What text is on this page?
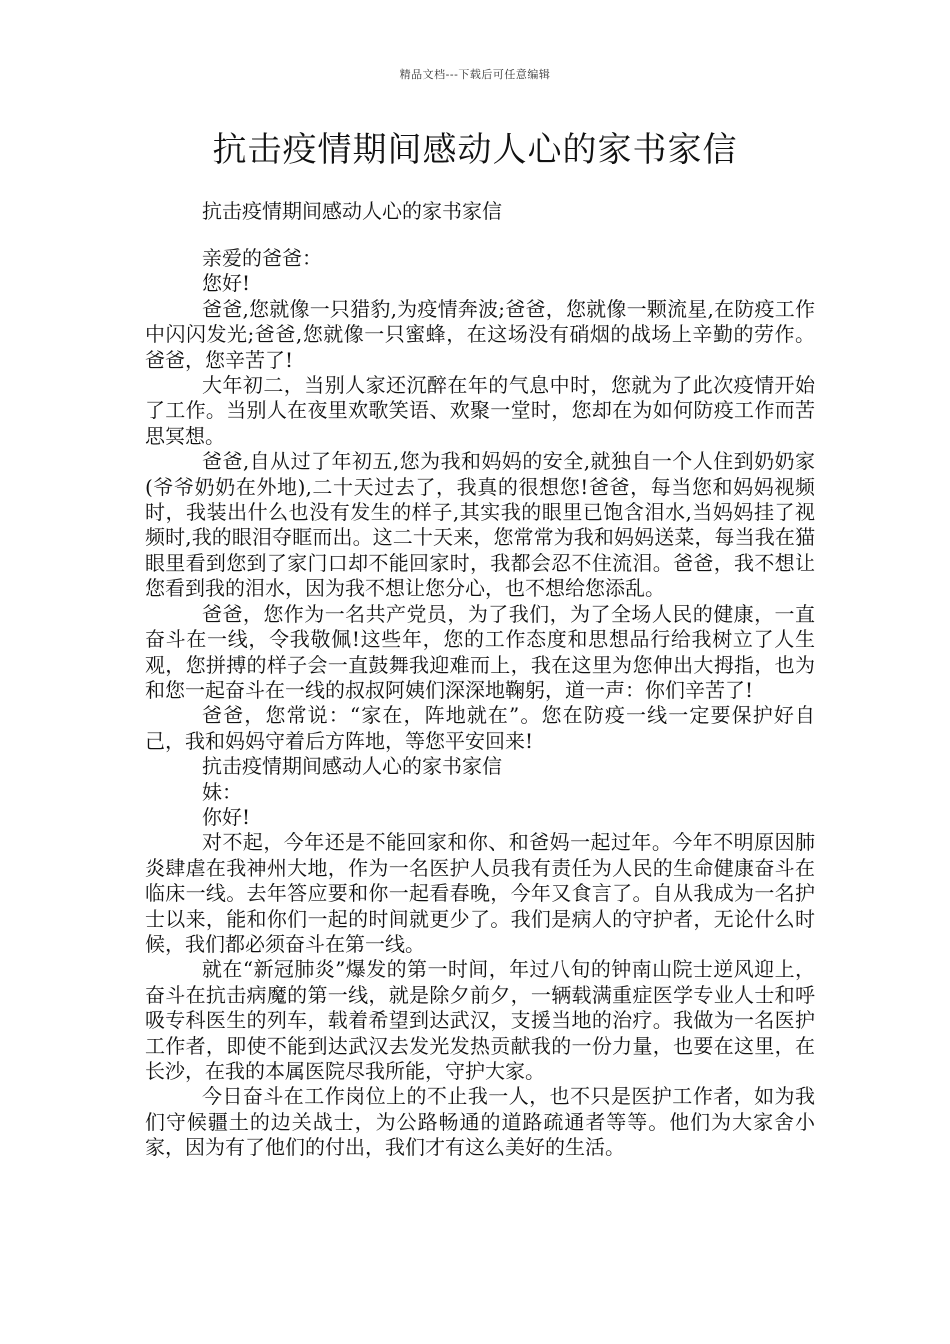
精品文档---下载后可任意编辑
抗击疫情期间感动人心的家书家信

抗击疫情期间感动人心的家书家信

亲爱的爸爸：

您好!

爸爸,您就像一只猎豹,为疫情奔波;爸爸，您就像一颗流星,在防疫工作中闪闪发光;爸爸,您就像一只蜜蜂，在这场没有硝烟的战场上辛勤的劳作。爸爸，您辛苦了!

大年初二，当别人家还沉醉在年的气息中时，您就为了此次疫情开始了工作。当别人在夜里欢歌笑语、欢聚一堂时，您却在为如何防疫工作而苦思冥想。

爸爸,自从过了年初五,您为我和妈妈的安全,就独自一个人住到奶奶家(爷爷奶奶在外地),二十天过去了，我真的很想您!爸爸，每当您和妈妈视频时，我装出什么也没有发生的样子,其实我的眼里已饱含泪水,当妈妈挂了视频时,我的眼泪夺眶而出。这二十天来，您常常为我和妈妈送菜，每当我在猫眼里看到您到了家门口却不能回家时，我都会忍不住流泪。爸爸，我不想让您看到我的泪水，因为我不想让您分心，也不想给您添乱。

爸爸，您作为一名共产党员，为了我们，为了全场人民的健康，一直奋斗在一线，令我敬佩!这些年，您的工作态度和思想品行给我树立了人生观，您拼搏的样子会一直鼓舞我迎难而上，我在这里为您伸出大拇指，也为和您一起奋斗在一线的叔叔阿姨们深深地鞠躬，道一声：你们辛苦了!

爸爸，您常说：“家在，阵地就在”。您在防疫一线一定要保护好自己，我和妈妈守着后方阵地，等您平安回来!

抗击疫情期间感动人心的家书家信

妹：

你好!

对不起，今年还是不能回家和你、和爸妈一起过年。今年不明原因肺炎肆虐在我神州大地，作为一名医护人员我有责任为人民的生命健康奋斗在临床一线。去年答应要和你一起看春晚，今年又食言了。自从我成为一名护士以来，能和你们一起的时间就更少了。我们是病人的守护者，无论什么时候，我们都必须奋斗在第一线。

就在“新冠肺炎”爆发的第一时间，年过八旬的钟南山院士逆风迎上，奋斗在抗击病魔的第一线，就是除夕前夕，一辆载满重症医学专业人士和呼吸专科医生的列车，载着希望到达武汉，支援当地的治疗。我做为一名医护工作者，即使不能到达武汉去发光发热贡献我的一份力量，也要在这里，在长沙，在我的本属医院尽我所能，守护大家。

今日奋斗在工作岗位上的不止我一人，也不只是医护工作者，如为我们守候疆土的边关战士，为公路畅通的道路疏通者等等。他们为大家舍小家，因为有了他们的付出，我们才有这么美好的生活。
